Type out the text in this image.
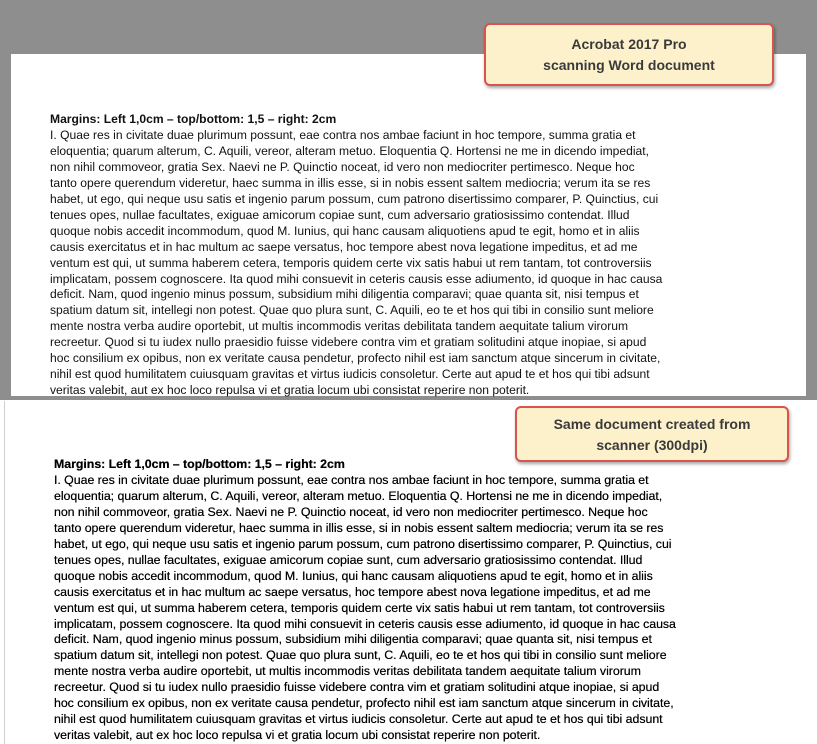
Margins: Left 1,0cm – top/bottom: 1,5 – right: 2cm

I. Quae res in civitate duae plurimum possunt, eae contra nos ambae faciunt in hoc tempore, summa gratia et
eloquentia; quarum alterum, C. Aquili, vereor, alteram metuo. Eloquentia Q. Hortensi ne me in dicendo impediat,
non nihil commoveor, gratia Sex. Naevi ne P. Quinctio noceat, id vero non mediocriter pertimesco. Neque hoc
tanto opere querendum videretur, haec summa in illis esse, si in nobis essent saltem mediocria; verum ita se res
habet, ut ego, qui neque usu satis et ingenio parum possum, cum patrono disertissimo comparer, P. Quinctius, cui
tenues opes, nullae facultates, exiguae amicorum copiae sunt, cum adversario gratiosissimo contendat. Illud
quoque nobis accedit incommodum, quod M. Iunius, qui hanc causam aliquotiens apud te egit, homo et in aliis
causis exercitatus et in hac multum ac saepe versatus, hoc tempore abest nova legatione impeditus, et ad me
ventum est qui, ut summa haberem cetera, temporis quidem certe vix satis habui ut rem tantam, tot controversiis
implicatam, possem cognoscere. Ita quod mihi consuevit in ceteris causis esse adiumento, id quoque in hac causa
deficit. Nam, quod ingenio minus possum, subsidium mihi diligentia comparavi; quae quanta sit, nisi tempus et
spatium datum sit, intellegi non potest. Quae quo plura sunt, C. Aquili, eo te et hos qui tibi in consilio sunt meliore
mente nostra verba audire oportebit, ut multis incommodis veritas debilitata tandem aequitate talium virorum
recreetur. Quod si tu iudex nullo praesidio fuisse videbere contra vim et gratiam solitudini atque inopiae, si apud
hoc consilium ex opibus, non ex veritate causa pendetur, profecto nihil est iam sanctum atque sincerum in civitate,
nihil est quod humilitatem cuiusquam gravitas et virtus iudicis consoletur. Certe aut apud te et hos qui tibi adsunt
veritas valebit, aut ex hoc loco repulsa vi et gratia locum ubi consistat reperire non poterit.

Acrobat 2017 Pro
scanning Word document

Margins: Left 1,0cm – top/bottom: 1,5 – right: 2cm

I. Quae res in civitate duae plurimum possunt, eae contra nos ambae faciunt in hoc tempore, summa gratia et
eloquentia; quarum alterum, C. Aquili, vereor, alteram metuo. Eloquentia Q. Hortensi ne me in dicendo impediat,
non nihil commoveor, gratia Sex. Naevi ne P. Quinctio noceat, id vero non mediocriter pertimesco. Neque hoc
tanto opere querendum videretur, haec summa in illis esse, si in nobis essent saltem mediocria; verum ita se res
habet, ut ego, qui neque usu satis et ingenio parum possum, cum patrono disertissimo comparer, P. Quinctius, cui
tenues opes, nullae facultates, exiguae amicorum copiae sunt, cum adversario gratiosissimo contendat. Illud
quoque nobis accedit incommodum, quod M. Iunius, qui hanc causam aliquotiens apud te egit, homo et in aliis
causis exercitatus et in hac multum ac saepe versatus, hoc tempore abest nova legatione impeditus, et ad me
ventum est qui, ut summa haberem cetera, temporis quidem certe vix satis habui ut rem tantam, tot controversiis
implicatam, possem cognoscere. Ita quod mihi consuevit in ceteris causis esse adiumento, id quoque in hac causa
deficit. Nam, quod ingenio minus possum, subsidium mihi diligentia comparavi; quae quanta sit, nisi tempus et
spatium datum sit, intellegi non potest. Quae quo plura sunt, C. Aquili, eo te et hos qui tibi in consilio sunt meliore
mente nostra verba audire oportebit, ut multis incommodis veritas debilitata tandem aequitate talium virorum
recreetur. Quod si tu iudex nullo praesidio fuisse videbere contra vim et gratiam solitudini atque inopiae, si apud
hoc consilium ex opibus, non ex veritate causa pendetur, profecto nihil est iam sanctum atque sincerum in civitate,
nihil est quod humilitatem cuiusquam gravitas et virtus iudicis consoletur. Certe aut apud te et hos qui tibi adsunt
veritas valebit, aut ex hoc loco repulsa vi et gratia locum ubi consistat reperire non poterit.

Same document created from
scanner (300dpi)
